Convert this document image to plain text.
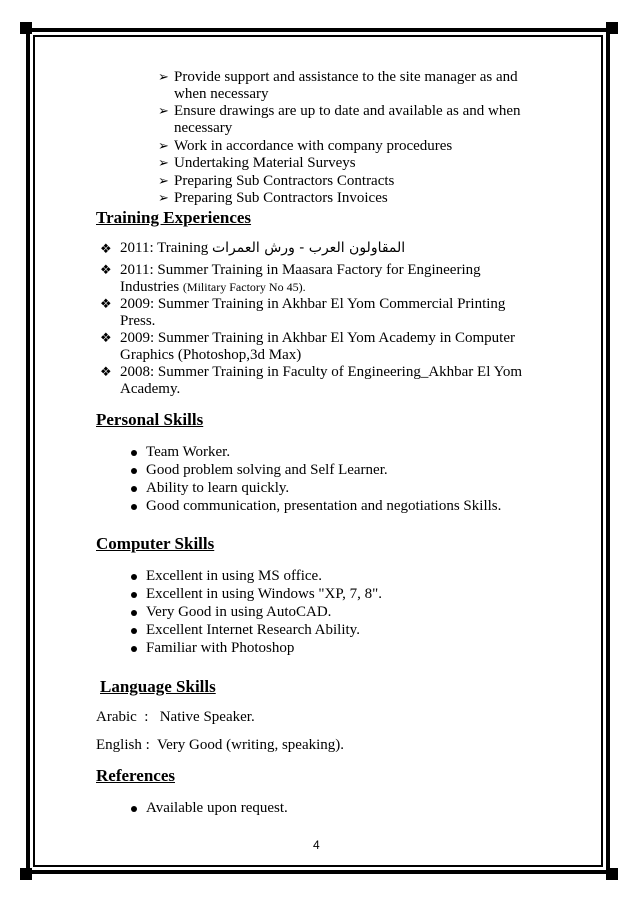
➢ Provide support and assistance to the site manager as and
when necessary
➢ Ensure drawings are up to date and available as and when
necessary
➢ Work in accordance with company procedures
➢ Undertaking Material Surveys
➢ Preparing Sub Contractors Contracts
➢ Preparing Sub Contractors Invoices
Training Experiences
❖ 2011: Training المقاولون العرب - ورش العمرات
❖ 2011: Summer Training in Maasara Factory for Engineering
Industries (Military Factory No 45).
❖ 2009: Summer Training in Akhbar El Yom Commercial Printing
Press.
❖ 2009: Summer Training in Akhbar El Yom Academy in Computer
Graphics (Photoshop,3d Max)
❖ 2008: Summer Training in Faculty of Engineering_Akhbar El Yom
Academy.
Personal Skills
Team Worker.
Good problem solving and Self Learner.
Ability to learn quickly.
Good communication, presentation and negotiations Skills.
Computer Skills
Excellent in using MS office.
Excellent in using Windows "XP, 7, 8".
Very Good in using AutoCAD.
Excellent Internet Research Ability.
Familiar with Photoshop
Language Skills
Arabic  :   Native Speaker.
English :  Very Good (writing, speaking).
References
Available upon request.
4
